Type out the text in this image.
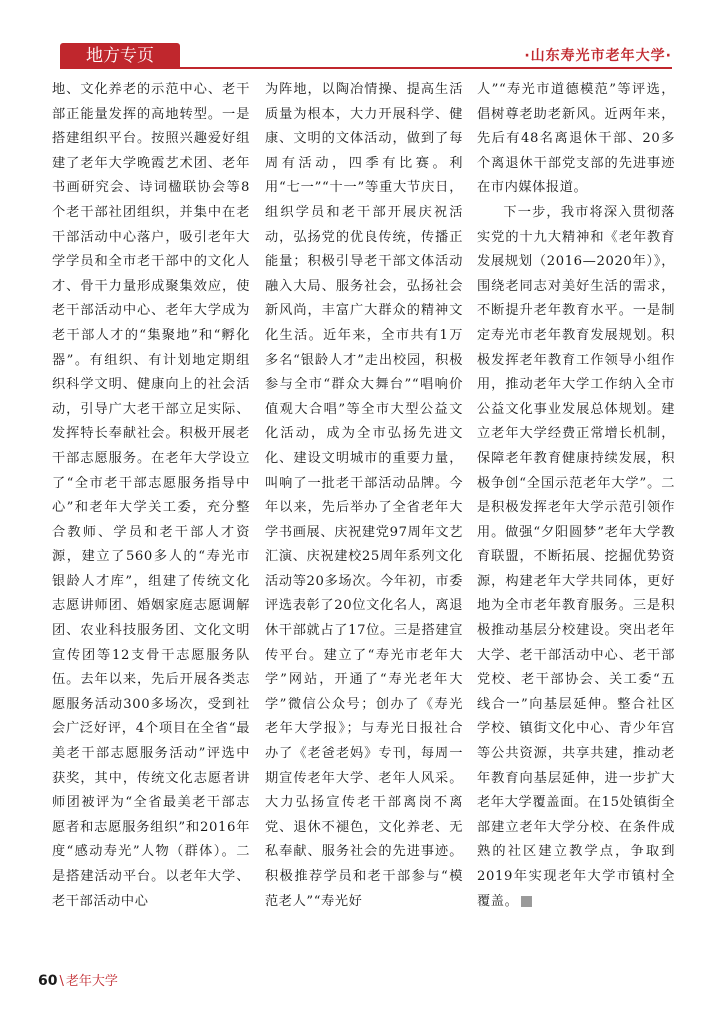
地方专页	·山东寿光市老年大学·

地、文化养老的示范中心、老干部正能量发挥的高地转型。一是搭建组织平台。按照兴趣爱好组建了老年大学晚霞艺术团、老年书画研究会、诗词楹联协会等8个老干部社团组织，并集中在老干部活动中心落户，吸引老年大学学员和全市老干部中的文化人才、骨干力量形成聚集效应，使老干部活动中心、老年大学成为老干部人才的“集聚地”和“孵化器”。有组织、有计划地定期组织科学文明、健康向上的社会活动，引导广大老干部立足实际、发挥特长奉献社会。积极开展老干部志愿服务。在老年大学设立了“全市老干部志愿服务指导中心”和老年大学关工委，充分整合教师、学员和老干部人才资源，建立了560多人的“寿光市银龄人才库”，组建了传统文化志愿讲师团、婚姻家庭志愿调解团、农业科技服务团、文化文明宣传团等12支骨干志愿服务队伍。去年以来，先后开展各类志愿服务活动300多场次，受到社会广泛好评，4个项目在全省“最美老干部志愿服务活动”评选中获奖，其中，传统文化志愿者讲师团被评为“全省最美老干部志愿者和志愿服务组织”和2016年度“感动寿光”人物（群体）。二是搭建活动平台。以老年大学、老干部活动中心

为阵地，以陶冶情操、提高生活质量为根本，大力开展科学、健康、文明的文体活动，做到了每周有活动，四季有比赛。利用“七一”“十一”等重大节庆日，组织学员和老干部开展庆祝活动，弘扬党的优良传统，传播正能量；积极引导老干部文体活动融入大局、服务社会，弘扬社会新风尚，丰富广大群众的精神文化生活。近年来，全市共有1万多名“银龄人才”走出校园，积极参与全市“群众大舞台”“唱响价值观大合唱”等全市大型公益文化活动，成为全市弘扬先进文化、建设文明城市的重要力量，叫响了一批老干部活动品牌。今年以来，先后举办了全省老年大学书画展、庆祝建党97周年文艺汇演、庆祝建校25周年系列文化活动等20多场次。今年初，市委评选表彰了20位文化名人，离退休干部就占了17位。三是搭建宣传平台。建立了“寿光市老年大学”网站，开通了“寿光老年大学”微信公众号；创办了《寿光老年大学报》；与寿光日报社合办了《老爸老妈》专刊，每周一期宣传老年大学、老年人风采。大力弘扬宣传老干部离岗不离党、退休不褪色，文化养老、无私奉献、服务社会的先进事迹。积极推荐学员和老干部参与“模范老人”“寿光好

人”“寿光市道德模范”等评选，倡树尊老助老新风。近两年来，先后有48名离退休干部、20多个离退休干部党支部的先进事迹在市内媒体报道。

下一步，我市将深入贯彻落实党的十九大精神和《老年教育发展规划（2016—2020年）》，围绕老同志对美好生活的需求，不断提升老年教育水平。一是制定寿光市老年教育发展规划。积极发挥老年教育工作领导小组作用，推动老年大学工作纳入全市公益文化事业发展总体规划。建立老年大学经费正常增长机制，保障老年教育健康持续发展，积极争创“全国示范老年大学”。二是积极发挥老年大学示范引领作用。做强“夕阳圆梦”老年大学教育联盟，不断拓展、挖掘优势资源，构建老年大学共同体，更好地为全市老年教育服务。三是积极推动基层分校建设。突出老年大学、老干部活动中心、老干部党校、老干部协会、关工委“五线合一”向基层延伸。整合社区学校、镇街文化中心、青少年宫等公共资源，共享共建，推动老年教育向基层延伸，进一步扩大老年大学覆盖面。在15处镇街全部建立老年大学分校、在条件成熟的社区建立教学点，争取到2019年实现老年大学市镇村全覆盖。

60 \ 老年大学
